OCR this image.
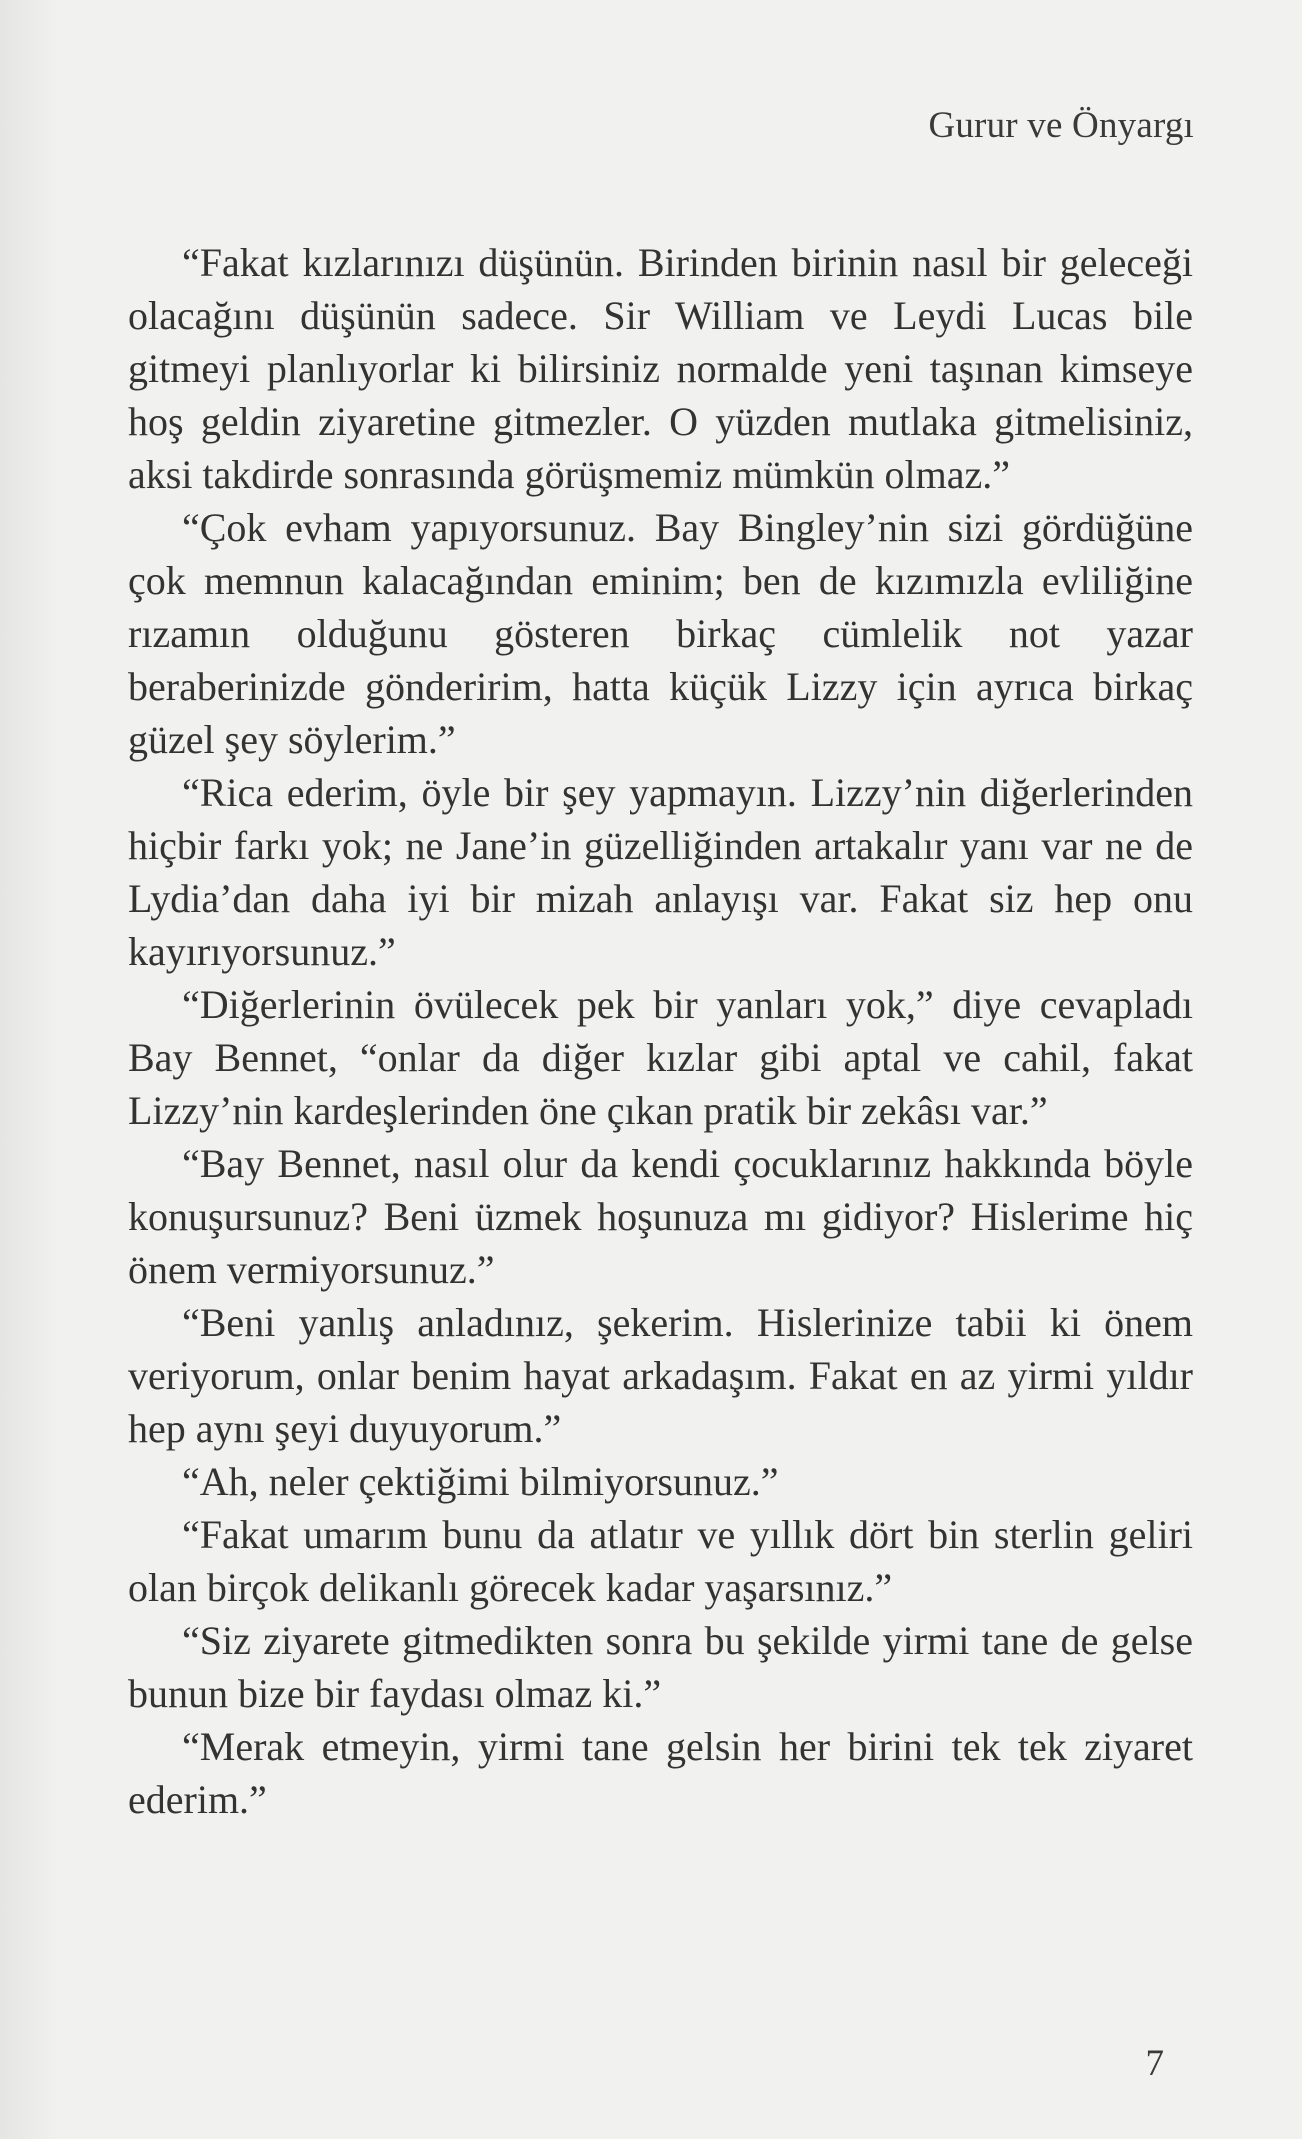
Gurur ve Önyargı

“Fakat kızlarınızı düşünün. Birinden birinin nasıl bir geleceği olacağını düşünün sadece. Sir William ve Leydi Lucas bile gitmeyi planlıyorlar ki bilirsiniz normalde yeni taşınan kimseye hoş geldin ziyaretine gitmezler. O yüzden mutlaka gitmelisiniz, aksi takdirde sonrasında görüşmemiz mümkün olmaz.”

“Çok evham yapıyorsunuz. Bay Bingley’nin sizi gördüğüne çok memnun kalacağından eminim; ben de kızımızla evliliğine rızamın olduğunu gösteren birkaç cümlelik not yazar beraberinizde gönderirim, hatta küçük Lizzy için ayrıca birkaç güzel şey söylerim.”

“Rica ederim, öyle bir şey yapmayın. Lizzy’nin diğerlerinden hiçbir farkı yok; ne Jane’in güzelliğinden artakalır yanı var ne de Lydia’dan daha iyi bir mizah anlayışı var. Fakat siz hep onu kayırıyorsunuz.”

“Diğerlerinin övülecek pek bir yanları yok,” diye cevapladı Bay Bennet, “onlar da diğer kızlar gibi aptal ve cahil, fakat Lizzy’nin kardeşlerinden öne çıkan pratik bir zekâsı var.”

“Bay Bennet, nasıl olur da kendi çocuklarınız hakkında böyle konuşursunuz? Beni üzmek hoşunuza mı gidiyor? Hislerime hiç önem vermiyorsunuz.”

“Beni yanlış anladınız, şekerim. Hislerinize tabii ki önem veriyorum, onlar benim hayat arkadaşım. Fakat en az yirmi yıldır hep aynı şeyi duyuyorum.”

“Ah, neler çektiğimi bilmiyorsunuz.”

“Fakat umarım bunu da atlatır ve yıllık dört bin sterlin geliri olan birçok delikanlı görecek kadar yaşarsınız.”

“Siz ziyarete gitmedikten sonra bu şekilde yirmi tane de gelse bunun bize bir faydası olmaz ki.”

“Merak etmeyin, yirmi tane gelsin her birini tek tek ziyaret ederim.”

7
